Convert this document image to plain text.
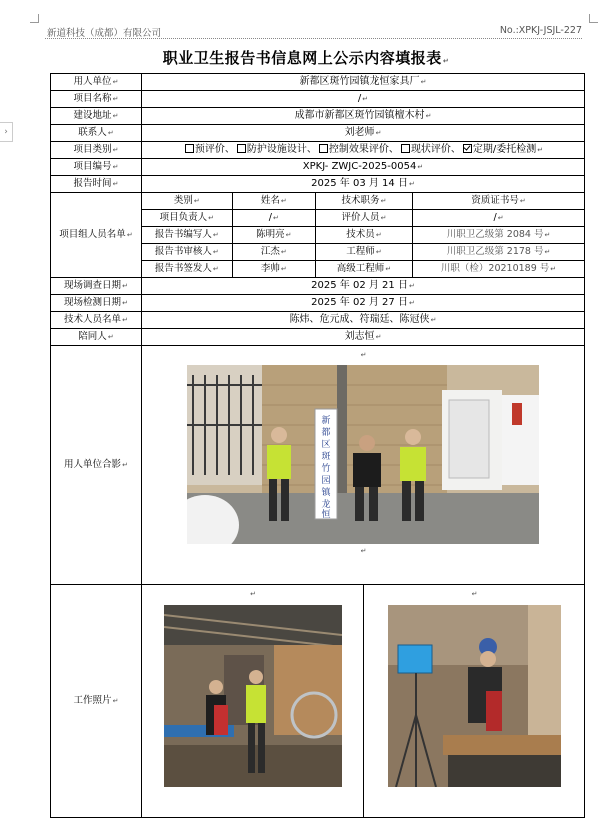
›
新道科技（成都）有限公司	No.:XPKJ-JSJL-227
职业卫生报告书信息网上公示内容填报表↵
用人单位↵	新都区斑竹园镇龙恒家具厂↵
项目名称↵	/↵
建设地址↵	成都市新都区斑竹园镇檀木村↵
联系人↵	刘老师↵
项目类别↵	预评价、 防护设施设计、 控制效果评价、 现状评价、 定期/委托检测↵
项目编号↵	XPKJ- ZWJC-2025-0054↵
报告时间↵	2025 年 03 月 14 日↵
项目组人员名单↵	
类别↵	姓名↵	技术职务↵	资质证书号↵
项目负责人↵	/↵	评价人员↵	/↵
报告书编写人↵	陈明亮↵	技术员↵	川职卫乙级第 2084 号↵
报告书审核人↵	江杰↵	工程师↵	川职卫乙级第 2178 号↵
报告书签发人↵	李帅↵	高级工程师↵	川职（检）20210189 号↵

现场调查日期↵	2025 年 02 月 21 日↵
现场检测日期↵	2025 年 02 月 27 日↵
技术人员名单↵	陈炜、危元成、符瑞廷、陈冠侠↵
陪同人↵	刘志恒↵
用人单位合影↵	
↵
新
都
区
斑
竹
园
镇
龙
恒
↵

工作照片↵	
↵	↵
